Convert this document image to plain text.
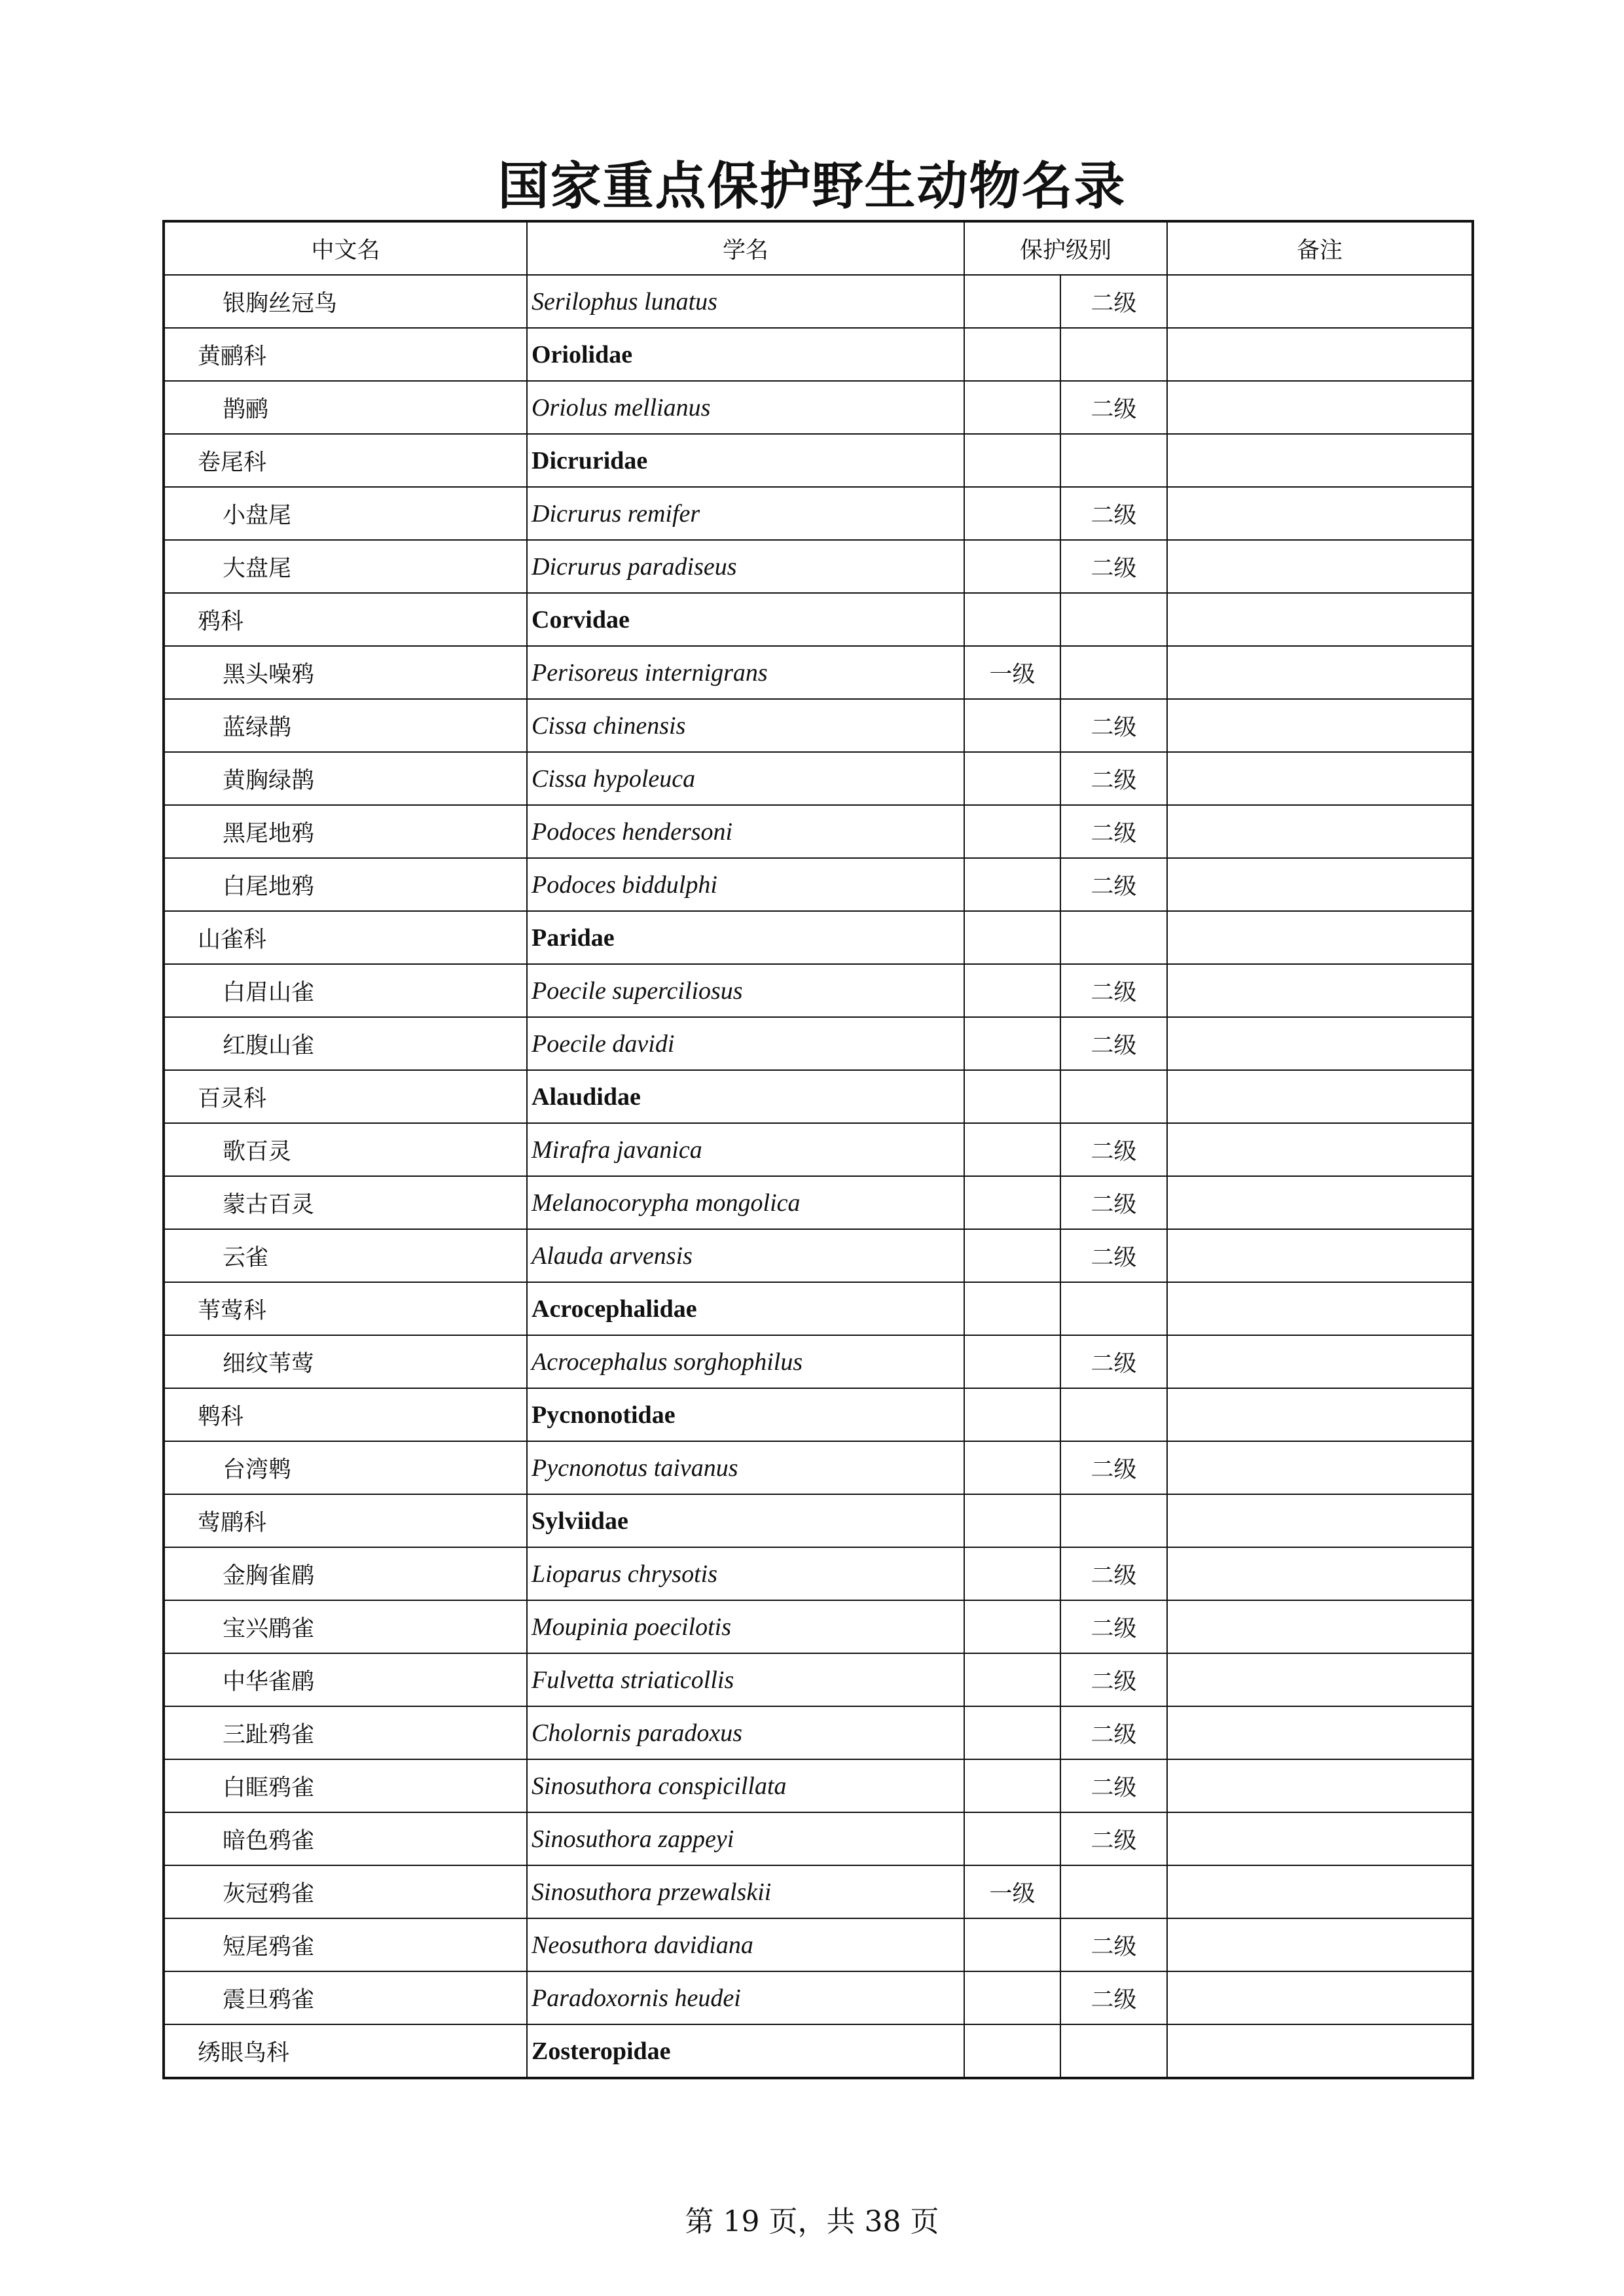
国家重点保护野生动物名录
中文名	学名	保护级别		备注
银胸丝冠鸟	Serilophus lunatus		二级	
黄鹂科	Oriolidae			
鹊鹂	Oriolus mellianus		二级	
卷尾科	Dicruridae			
小盘尾	Dicrurus remifer		二级	
大盘尾	Dicrurus paradiseus		二级	
鸦科	Corvidae			
黑头噪鸦	Perisoreus internigrans	一级		
蓝绿鹊	Cissa chinensis		二级	
黄胸绿鹊	Cissa hypoleuca		二级	
黑尾地鸦	Podoces hendersoni		二级	
白尾地鸦	Podoces biddulphi		二级	
山雀科	Paridae			
白眉山雀	Poecile superciliosus		二级	
红腹山雀	Poecile davidi		二级	
百灵科	Alaudidae			
歌百灵	Mirafra javanica		二级	
蒙古百灵	Melanocorypha mongolica		二级	
云雀	Alauda arvensis		二级	
苇莺科	Acrocephalidae			
细纹苇莺	Acrocephalus sorghophilus		二级	
鹎科	Pycnonotidae			
台湾鹎	Pycnonotus taivanus		二级	
莺鹛科	Sylviidae			
金胸雀鹛	Lioparus chrysotis		二级	
宝兴鹛雀	Moupinia poecilotis		二级	
中华雀鹛	Fulvetta striaticollis		二级	
三趾鸦雀	Cholornis paradoxus		二级	
白眶鸦雀	Sinosuthora conspicillata		二级	
暗色鸦雀	Sinosuthora zappeyi		二级	
灰冠鸦雀	Sinosuthora przewalskii	一级		
短尾鸦雀	Neosuthora davidiana		二级	
震旦鸦雀	Paradoxornis heudei		二级	
绣眼鸟科	Zosteropidae			
第 19 页，共 38 页
